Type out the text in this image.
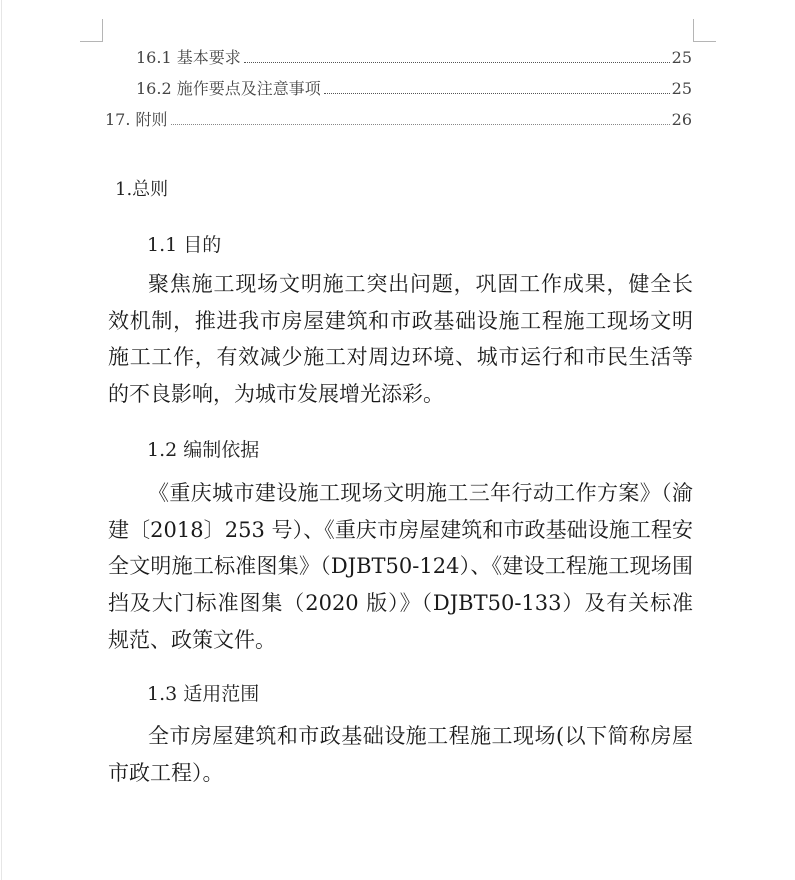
16.1 基本要求	25
16.2 施作要点及注意事项	25
17. 附则	26
1.总则
1.1 目的
聚焦施工现场文明施工突出问题，巩固工作成果，健全长效机制，推进我市房屋建筑和市政基础设施工程施工现场文明施工工作，有效减少施工对周边环境、城市运行和市民生活等的不良影响，为城市发展增光添彩。
1.2 编制依据
《重庆城市建设施工现场文明施工三年行动工作方案》（渝建〔2018〕253 号）、《重庆市房屋建筑和市政基础设施工程安全文明施工标准图集》（DJBT50-124）、《建设工程施工现场围挡及大门标准图集（2020 版）》（DJBT50-133）及有关标准规范、政策文件。
1.3 适用范围
全市房屋建筑和市政基础设施工程施工现场(以下简称房屋市政工程）。
